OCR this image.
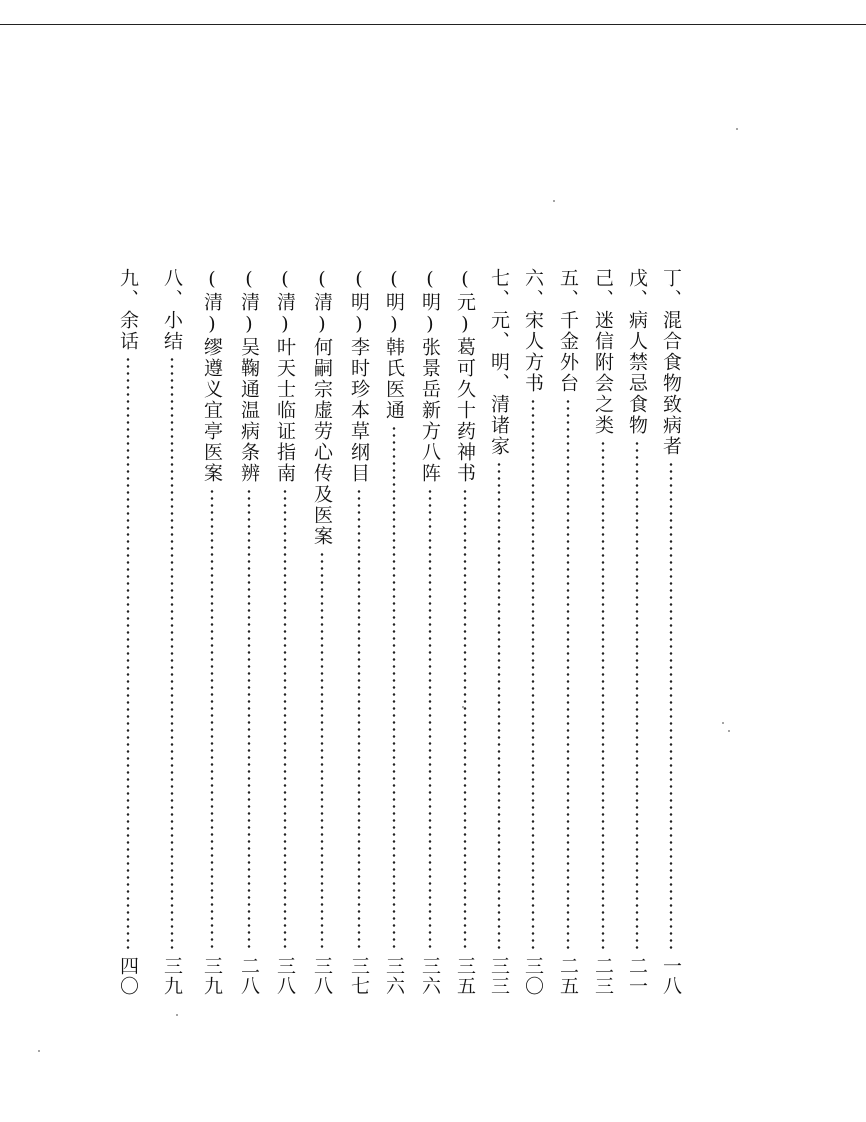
丁、混合食物致病者
一八
戊、病人禁忌食物
二一
己、迷信附会之类
二三
五、千金外台
二五
六、宋人方书
三〇
七、元、明、清诸家
三三
(元)葛可久十药神书
三五
(明)张景岳新方八阵
三六
(明)韩氏医通
三六
(明)李时珍本草纲目
三七
(清)何嗣宗虚劳心传及医案
三八
(清)叶天士临证指南
三八
(清)吴鞠通温病条辨
二八
(清)缪遵义宜亭医案
三九
八、小结
三九
九、余话
四〇
